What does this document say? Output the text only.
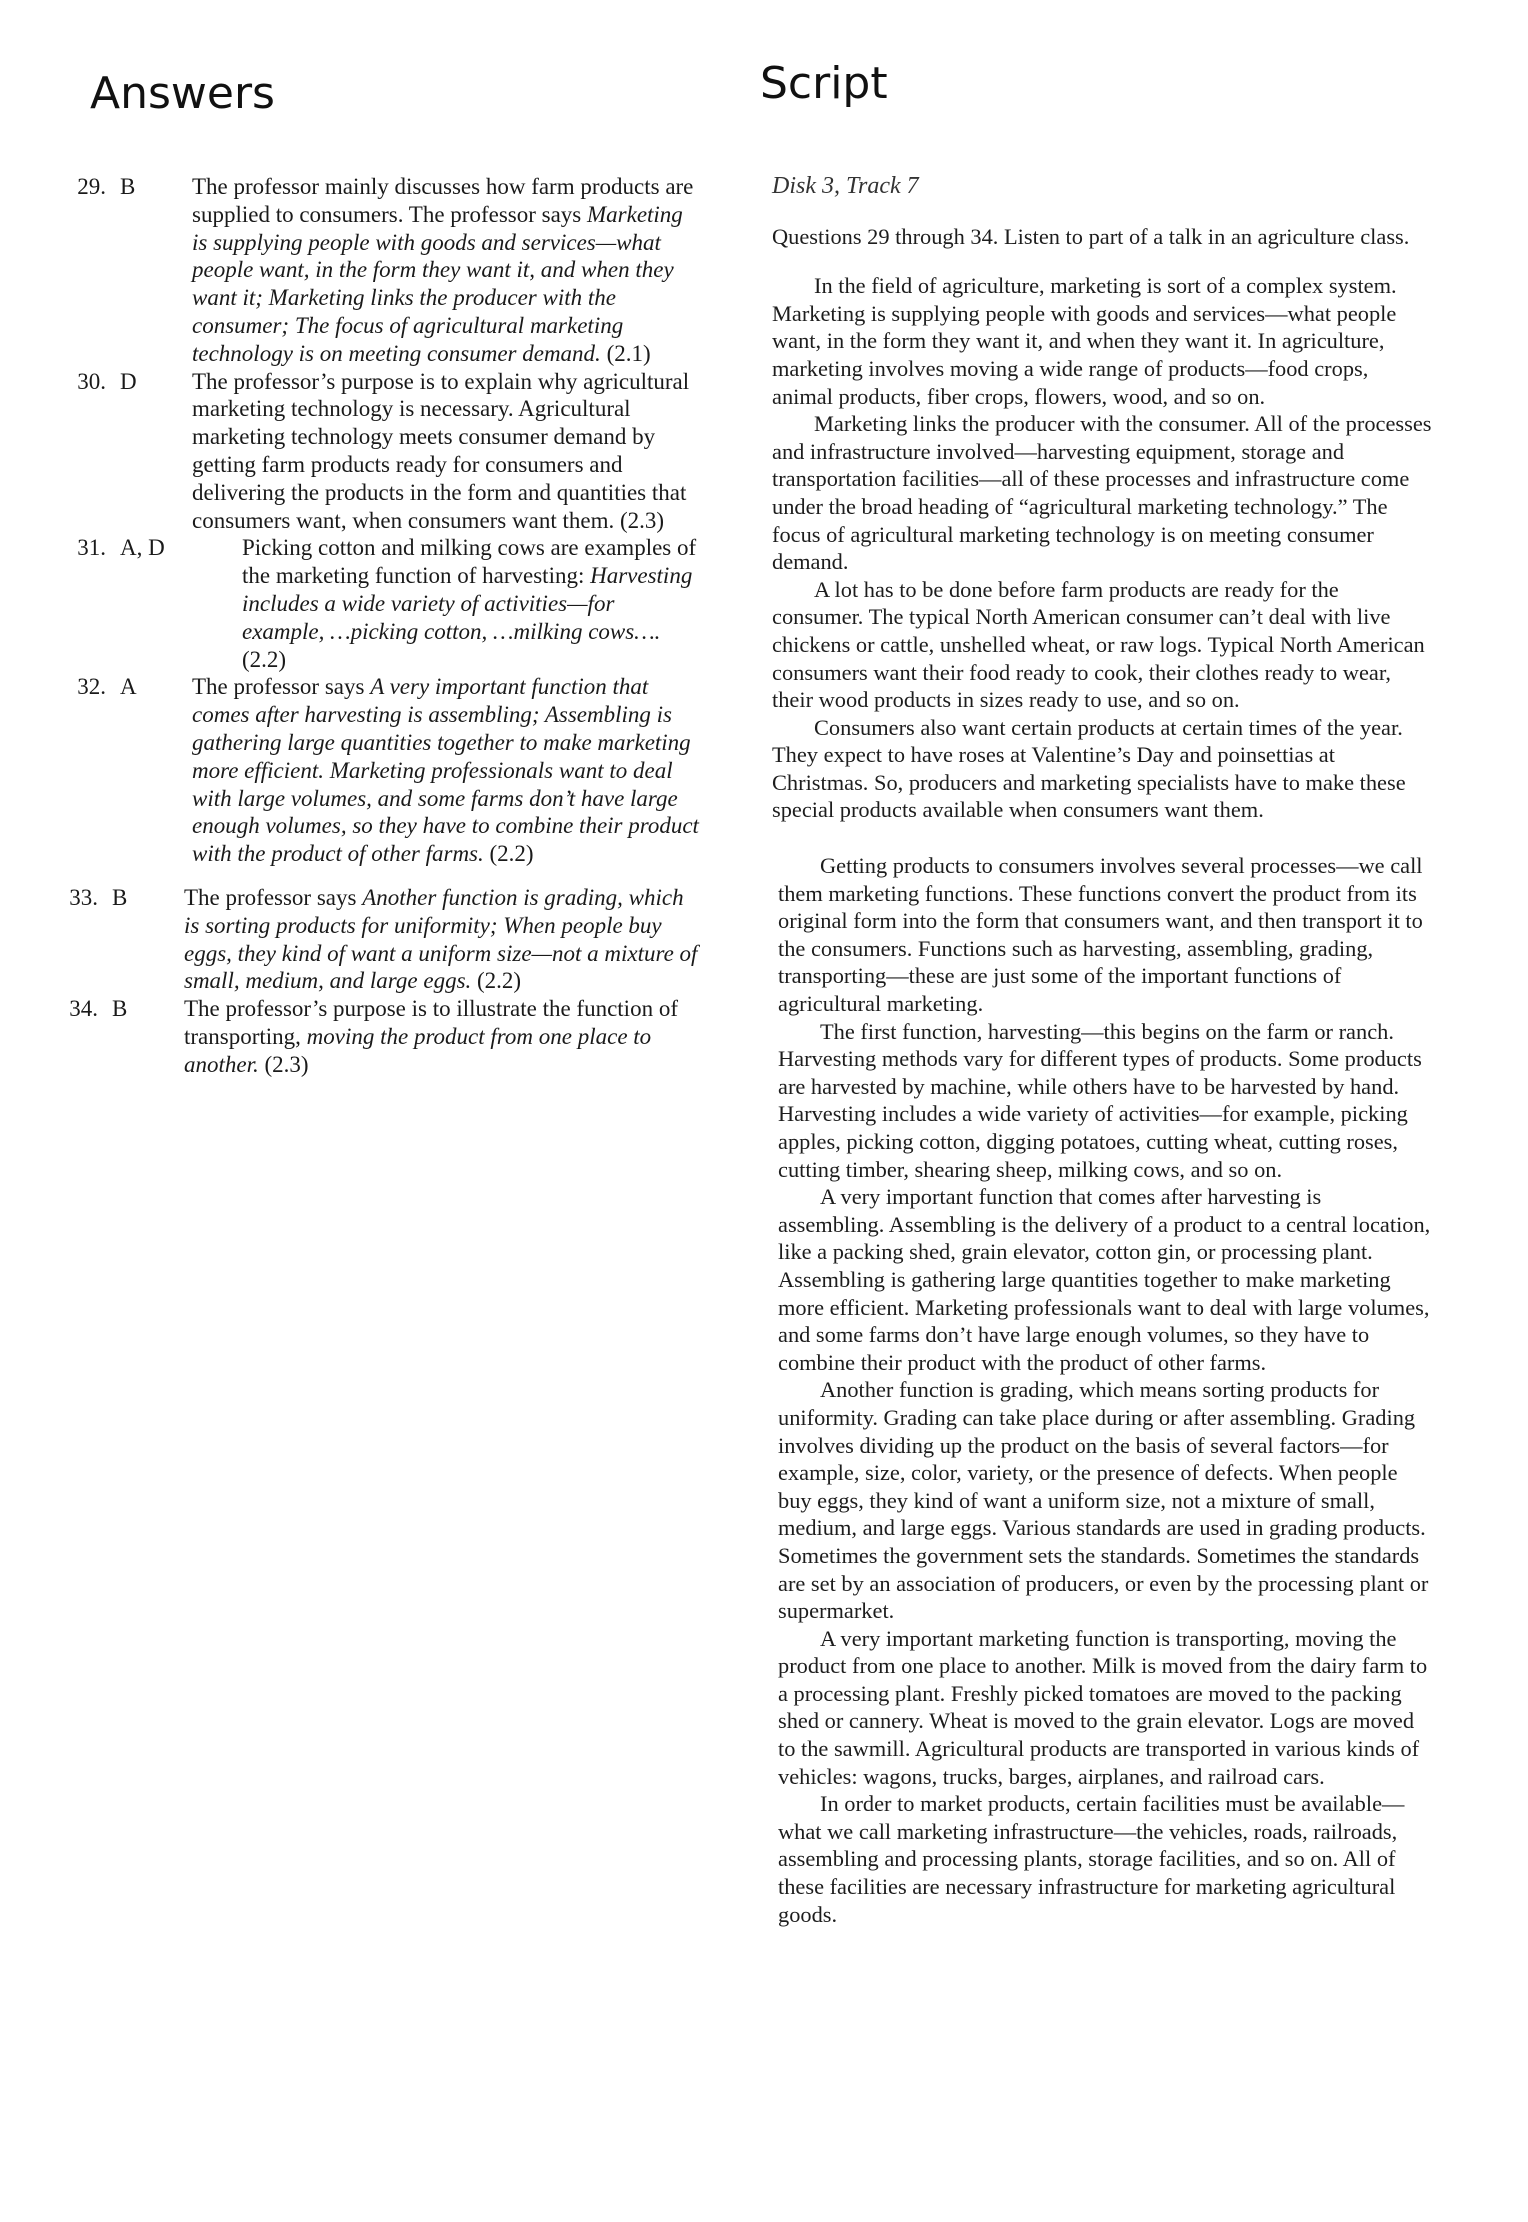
Answers	Script
29. B	The professor mainly discusses how farm products are supplied to consumers. The professor says Marketing is supplying people with goods and services—what people want, in the form they want it, and when they want it; Marketing links the producer with the consumer; The focus of agricultural marketing technology is on meeting consumer demand. (2.1)
30. D	The professor’s purpose is to explain why agricultural marketing technology is necessary. Agricultural marketing technology meets consumer demand by getting farm products ready for consumers and delivering the products in the form and quantities that consumers want, when consumers want them. (2.3)
31. A, D	Picking cotton and milking cows are examples of the marketing function of harvesting: Harvesting includes a wide variety of activities—for example, …picking cotton, …milking cows…. (2.2)
32. A	The professor says A very important function that comes after harvesting is assembling; Assembling is gathering large quantities together to make marketing more efficient. Marketing professionals want to deal with large volumes, and some farms don’t have large enough volumes, so they have to combine their product with the product of other farms. (2.2)
33. B	The professor says Another function is grading, which is sorting products for uniformity; When people buy eggs, they kind of want a uniform size—not a mixture of small, medium, and large eggs. (2.2)
34. B	The professor’s purpose is to illustrate the function of transporting, moving the product from one place to another. (2.3)
Disk 3, Track 7
Questions 29 through 34. Listen to part of a talk in an agriculture class.

In the field of agriculture, marketing is sort of a complex system. Marketing is supplying people with goods and services—what people want, in the form they want it, and when they want it. In agriculture, marketing involves moving a wide range of products—food crops, animal products, fiber crops, flowers, wood, and so on.

Marketing links the producer with the consumer. All of the processes and infrastructure involved—harvesting equipment, storage and transportation facilities—all of these processes and infrastructure come under the broad heading of “agricultural marketing technology.” The focus of agricultural marketing technology is on meeting consumer demand.

A lot has to be done before farm products are ready for the consumer. The typical North American consumer can’t deal with live chickens or cattle, unshelled wheat, or raw logs. Typical North American consumers want their food ready to cook, their clothes ready to wear, their wood products in sizes ready to use, and so on.

Consumers also want certain products at certain times of the year. They expect to have roses at Valentine’s Day and poinsettias at Christmas. So, producers and marketing specialists have to make these special products available when consumers want them.

Getting products to consumers involves several processes—we call them marketing functions. These functions convert the product from its original form into the form that consumers want, and then transport it to the consumers. Functions such as harvesting, assembling, grading, transporting—these are just some of the important functions of agricultural marketing.

The first function, harvesting—this begins on the farm or ranch. Harvesting methods vary for different types of products. Some products are harvested by machine, while others have to be harvested by hand. Harvesting includes a wide variety of activities—for example, picking apples, picking cotton, digging potatoes, cutting wheat, cutting roses, cutting timber, shearing sheep, milking cows, and so on.

A very important function that comes after harvesting is assembling. Assembling is the delivery of a product to a central location, like a packing shed, grain elevator, cotton gin, or processing plant. Assembling is gathering large quantities together to make marketing more efficient. Marketing professionals want to deal with large volumes, and some farms don’t have large enough volumes, so they have to combine their product with the product of other farms.

Another function is grading, which means sorting products for uniformity. Grading can take place during or after assembling. Grading involves dividing up the product on the basis of several factors—for example, size, color, variety, or the presence of defects. When people buy eggs, they kind of want a uniform size, not a mixture of small, medium, and large eggs. Various standards are used in grading products. Sometimes the government sets the standards. Sometimes the standards are set by an association of producers, or even by the processing plant or supermarket.

A very important marketing function is transporting, moving the product from one place to another. Milk is moved from the dairy farm to a processing plant. Freshly picked tomatoes are moved to the packing shed or cannery. Wheat is moved to the grain elevator. Logs are moved to the sawmill. Agricultural products are transported in various kinds of vehicles: wagons, trucks, barges, airplanes, and railroad cars.

In order to market products, certain facilities must be available—what we call marketing infrastructure—the vehicles, roads, railroads, assembling and processing plants, storage facilities, and so on. All of these facilities are necessary infrastructure for marketing agricultural goods.
